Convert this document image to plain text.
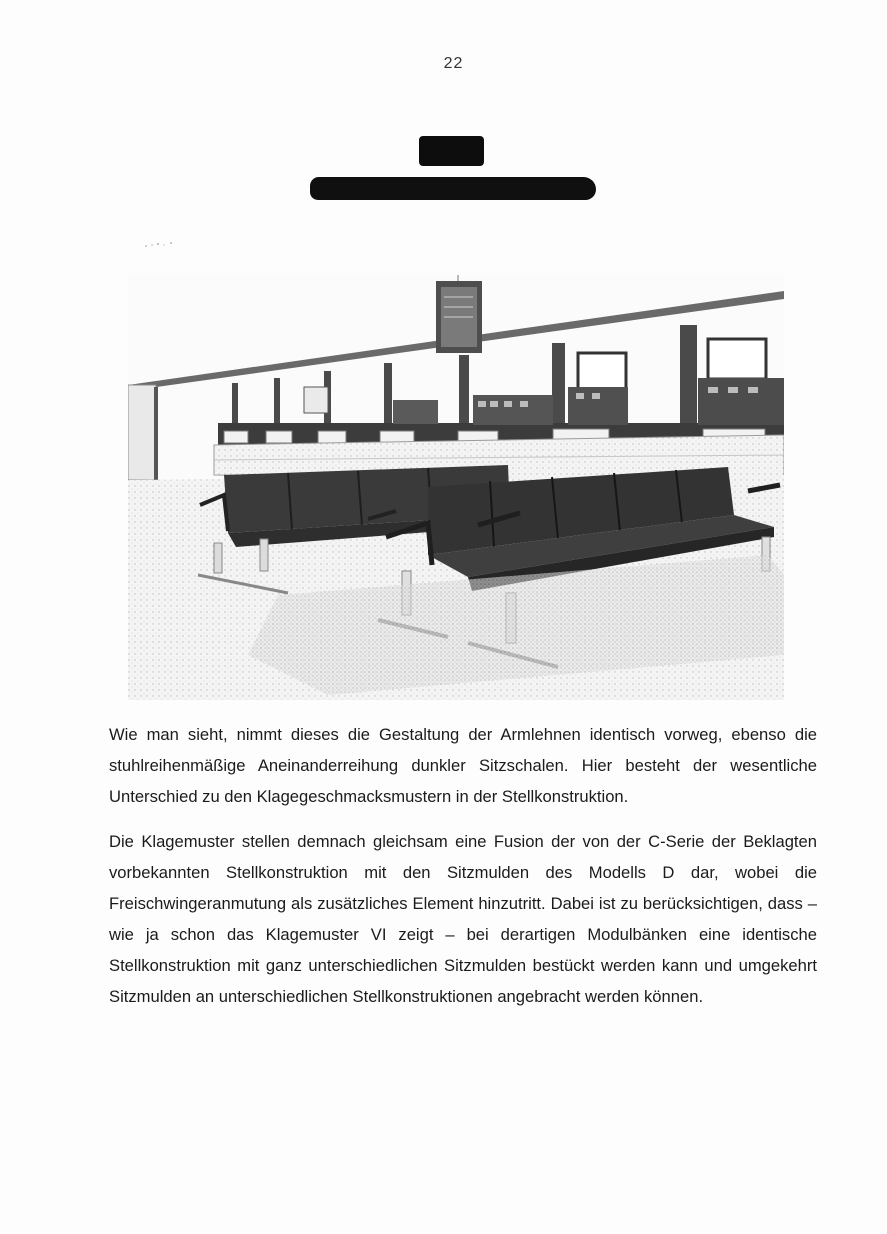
22

Wie man sieht, nimmt dieses die Gestaltung der Armlehnen identisch vorweg, ebenso die stuhlreihenmäßige Aneinanderreihung dunkler Sitzschalen. Hier besteht der wesentliche Unterschied zu den Klagegeschmacksmustern in der Stellkonstruktion.

Die Klagemuster stellen demnach gleichsam eine Fusion der von der C-Serie der Beklagten vorbekannten Stellkonstruktion mit den Sitzmulden des Modells D dar, wobei die Freischwingeranmutung als zusätzliches Element hinzutritt. Dabei ist zu berücksichtigen, dass – wie ja schon das Klagemuster VI zeigt – bei derartigen Modulbänken eine identische Stellkonstruktion mit ganz unterschiedlichen Sitzmulden bestückt werden kann und umgekehrt Sitzmulden an unterschiedlichen Stellkonstruktionen angebracht werden können.
